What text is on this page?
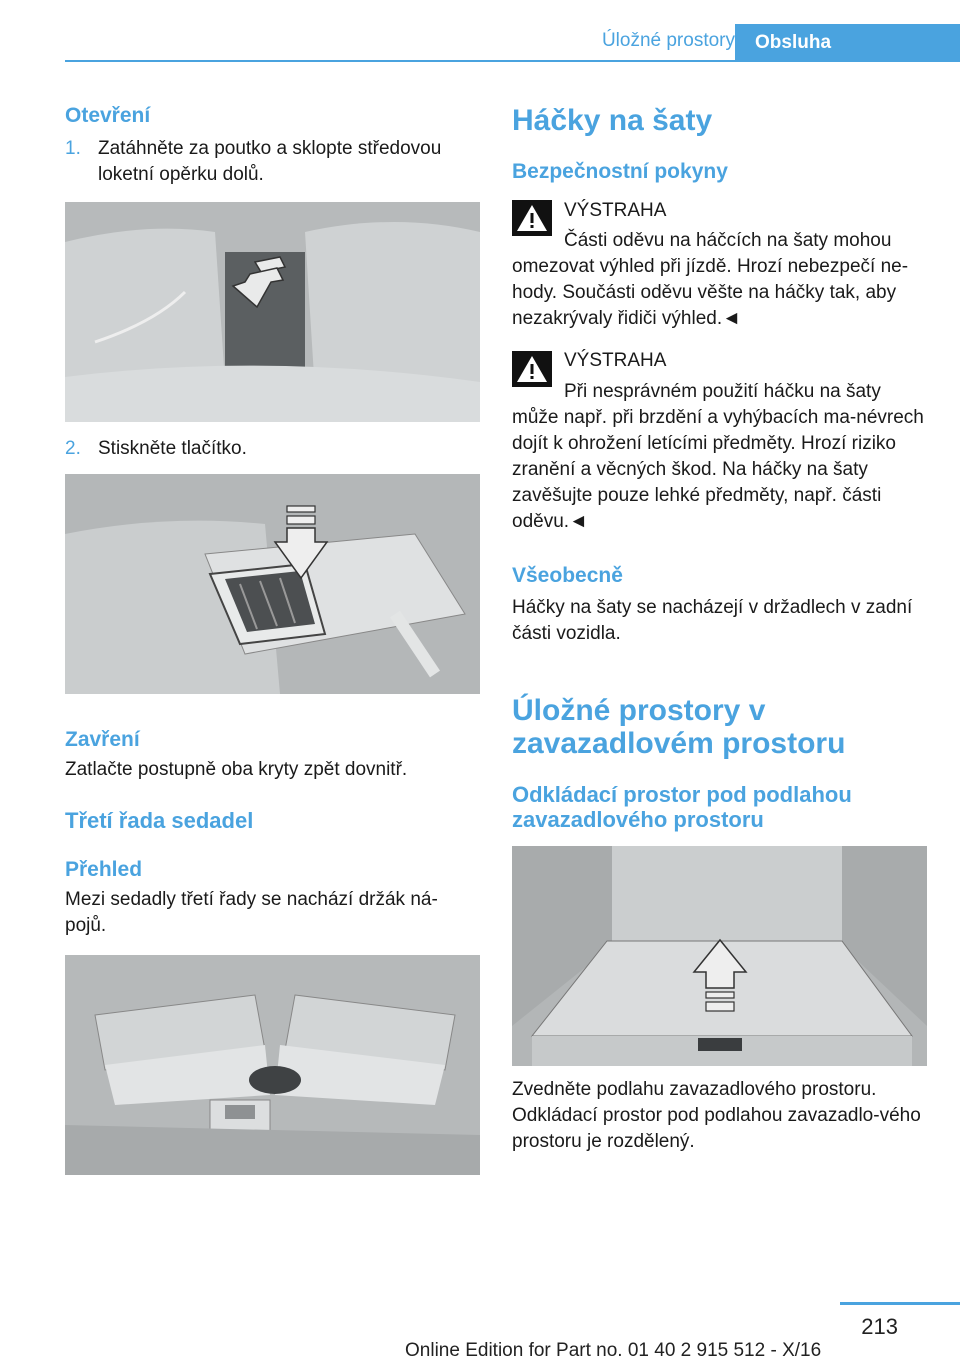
Úložné prostory	Obsluha
Otevření
1. Zatáhněte za poutko a sklopte středovou loketní opěrku dolů.
2. Stiskněte tlačítko.
Zavření
Zatlačte postupně oba kryty zpět dovnitř.
Třetí řada sedadel
Přehled
Mezi sedadly třetí řady se nachází držák ná-pojů.
Háčky na šaty
Bezpečnostní pokyny
VÝSTRAHA
Části oděvu na háčcích na šaty mohou omezovat výhled při jízdě. Hrozí nebezpečí ne-hody. Součásti oděvu věšte na háčky tak, aby nezakrývaly řidiči výhled.◄
VÝSTRAHA
Při nesprávném použití háčku na šaty může např. při brzdění a vyhýbacích ma-névrech dojít k ohrožení letícími předměty. Hrozí riziko zranění a věcných škod. Na háčky na šaty zavěšujte pouze lehké předměty, např. části oděvu.◄
Všeobecně
Háčky na šaty se nacházejí v držadlech v zadní části vozidla.
Úložné prostory v zavazadlovém prostoru
Odkládací prostor pod podlahou zavazadlového prostoru
Zvedněte podlahu zavazadlového prostoru. Odkládací prostor pod podlahou zavazadlo-vého prostoru je rozdělený.
213
Online Edition for Part no. 01 40 2 915 512 - X/16
